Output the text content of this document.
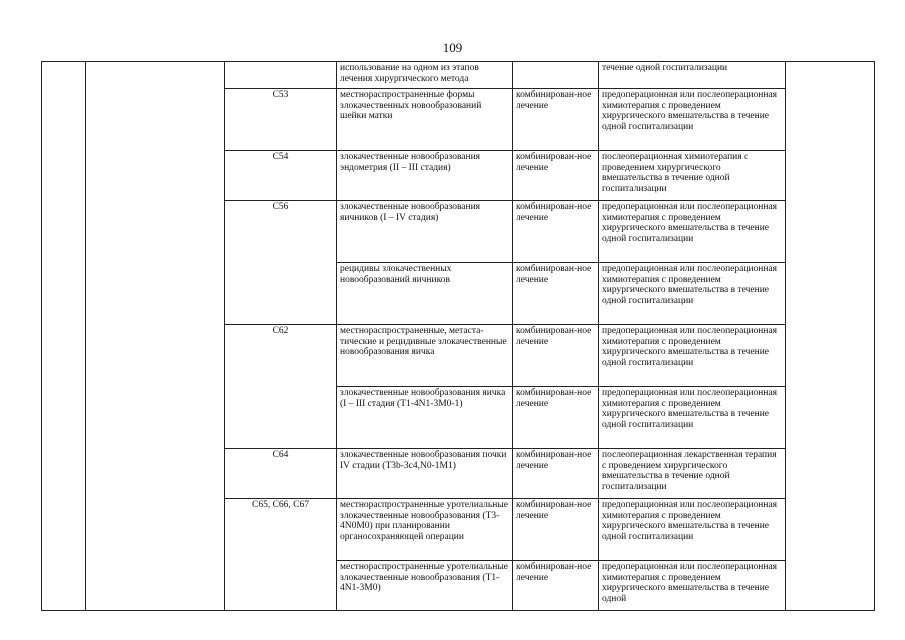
109
			использование на одном из этапов лечения хирургического метода		течение одной госпитализации	
		C53	местнораспространенные формы злокачественных новообразований шейки матки	комбинирован-ное лечение	предоперационная или послеоперационная химиотерапия с проведением хирургического вмешательства в течение одной госпитализации	
		C54	злокачественные новообразования эндометрия (II – III стадия)	комбинирован-ное лечение	послеоперационная химиотерапия с проведением хирургического вмешательства в течение одной госпитализации	
		C56	злокачественные новообразования яичников (I – IV стадия)	комбинирован-ное лечение	предоперационная или послеоперационная химиотерапия с проведением хирургического вмешательства в течение одной госпитализации	
			рецидивы злокачественных новообразований яичников	комбинирован-ное лечение	предоперационная или послеоперационная химиотерапия с проведением хирургического вмешательства в течение одной госпитализации	
		C62	местнораспространенные, метаста-тические и рецидивные злокачественные новообразования яичка	комбинирован-ное лечение	предоперационная или послеоперационная химиотерапия с проведением хирургического вмешательства в течение одной госпитализации	
			злокачественные новообразования яичка (I – III стадия (T1-4N1-3M0-1)	комбинирован-ное лечение	предоперационная или послеоперационная химиотерапия с проведением хирургического вмешательства в течение одной госпитализации	
		C64	злокачественные новообразования почки IV стадии (T3b-3c4,N0-1M1)	комбинирован-ное лечение	послеоперационная лекарственная терапия с проведением хирургического вмешательства в течение одной госпитализации	
		C65, C66, C67	местнораспространенные уротелиальные злокачественные новообразования (T3-4N0M0) при планировании органосохраняющей операции	комбинирован-ное лечение	предоперационная или послеоперационная химиотерапия с проведением хирургического вмешательства в течение одной госпитализации	
			местнораспространенные уротелиальные злокачественные новообразования (T1-4N1-3M0)	комбинирован-ное лечение	предоперационная или послеоперационная химиотерапия с проведением хирургического вмешательства в течение одной	
